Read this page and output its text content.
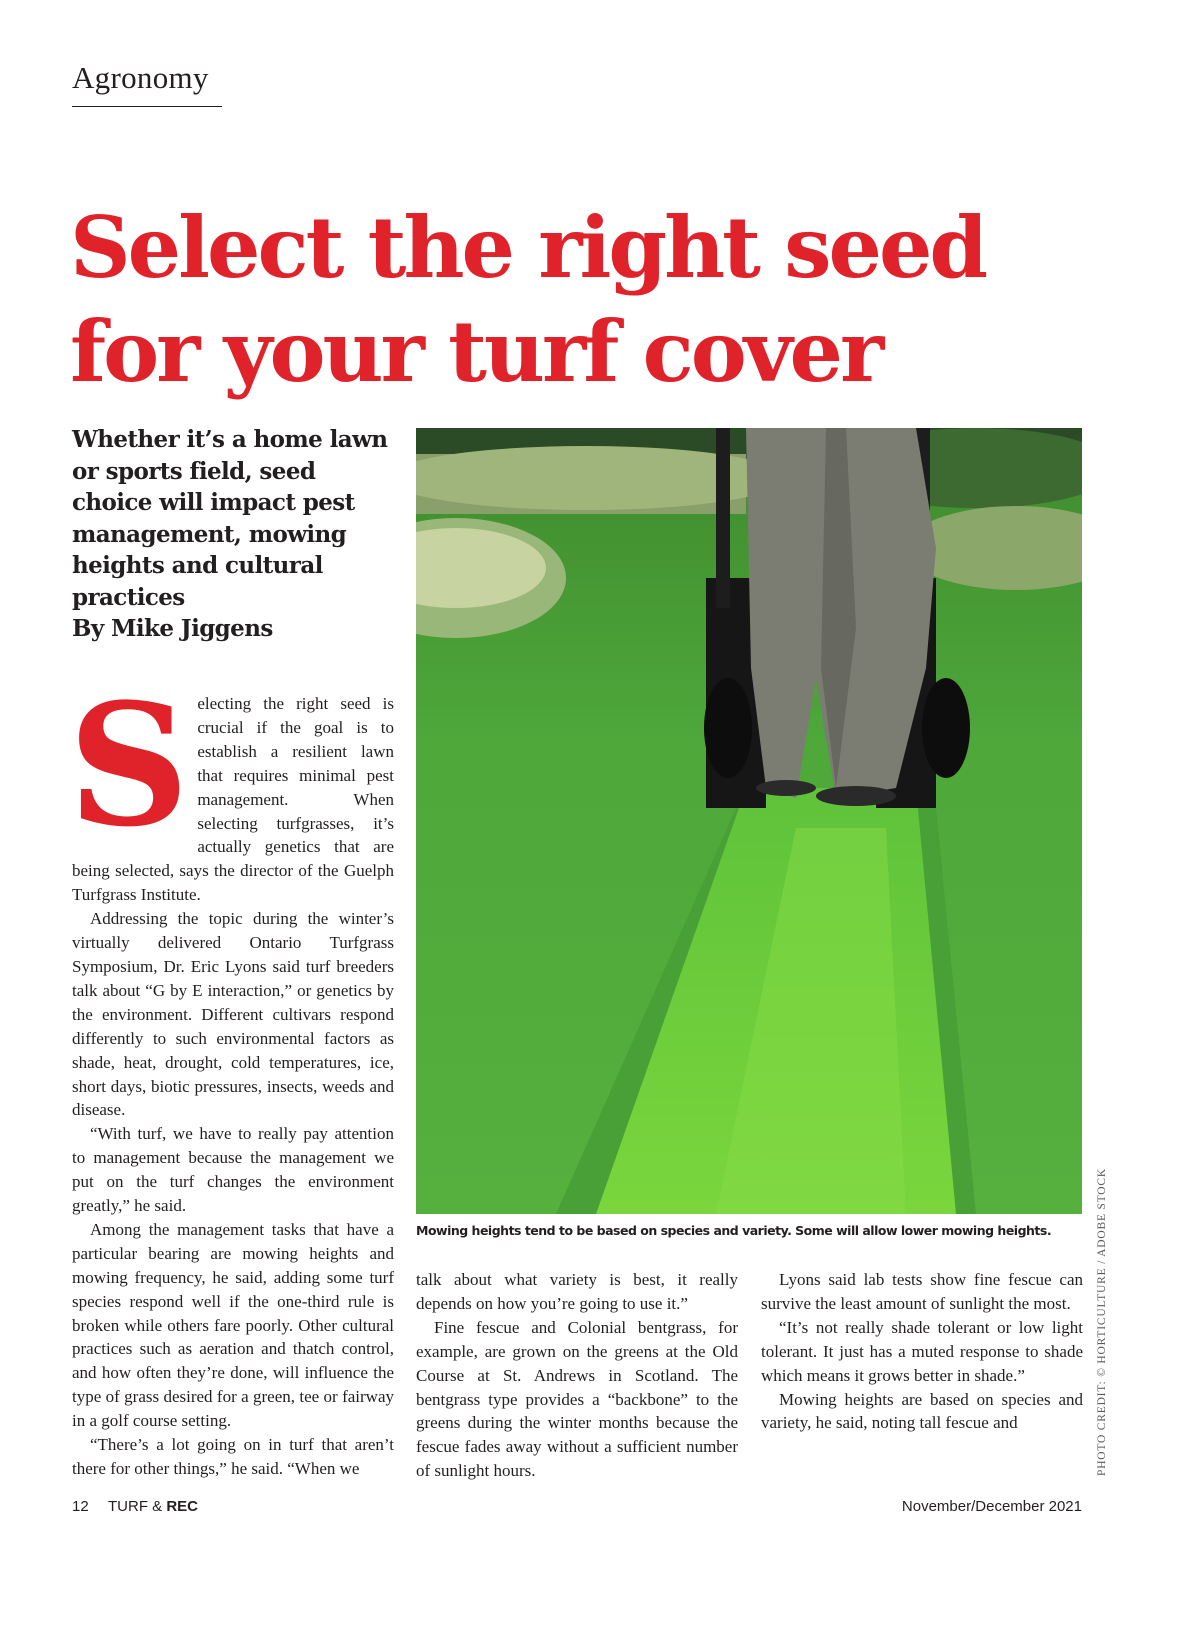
Agronomy
Select the right seed
for your turf cover
Whether it’s a home lawn
or sports field, seed
choice will impact pest
management, mowing
heights and cultural
practices
By Mike Jiggens

Selecting the right seed is crucial if the goal is to establish a resilient lawn that requires minimal pest management. When selecting turfgrasses, it’s actually genetics that are being selected, says the director of the Guelph Turfgrass Institute.

Addressing the topic during the winter’s virtually delivered Ontario Turfgrass Symposium, Dr. Eric Lyons said turf breeders talk about “G by E interaction,” or genetics by the environment. Different cultivars respond differently to such environmental factors as shade, heat, drought, cold temperatures, ice, short days, biotic pressures, insects, weeds and disease.

“With turf, we have to really pay attention to management because the management we put on the turf changes the environment greatly,” he said.

Among the management tasks that have a particular bearing are mowing heights and mowing frequency, he said, adding some turf species respond well if the one-third rule is broken while others fare poorly. Other cultural practices such as aeration and thatch control, and how often they’re done, will influence the type of grass desired for a green, tee or fairway in a golf course setting.

“There’s a lot going on in turf that aren’t there for other things,” he said. “When we

Mowing heights tend to be based on species and variety. Some will allow lower mowing heights.	PHOTO CREDIT: © HORTICULTURE / ADOBE STOCK

talk about what variety is best, it really depends on how you’re going to use it.”

Fine fescue and Colonial bentgrass, for example, are grown on the greens at the Old Course at St. Andrews in Scotland. The bentgrass type provides a “backbone” to the greens during the winter months because the fescue fades away without a sufficient number of sunlight hours.

Lyons said lab tests show fine fescue can survive the least amount of sunlight the most.

“It’s not really shade tolerant or low light tolerant. It just has a muted response to shade which means it grows better in shade.”

Mowing heights are based on species and variety, he said, noting tall fescue and

12 TURF & REC	November/December 2021
